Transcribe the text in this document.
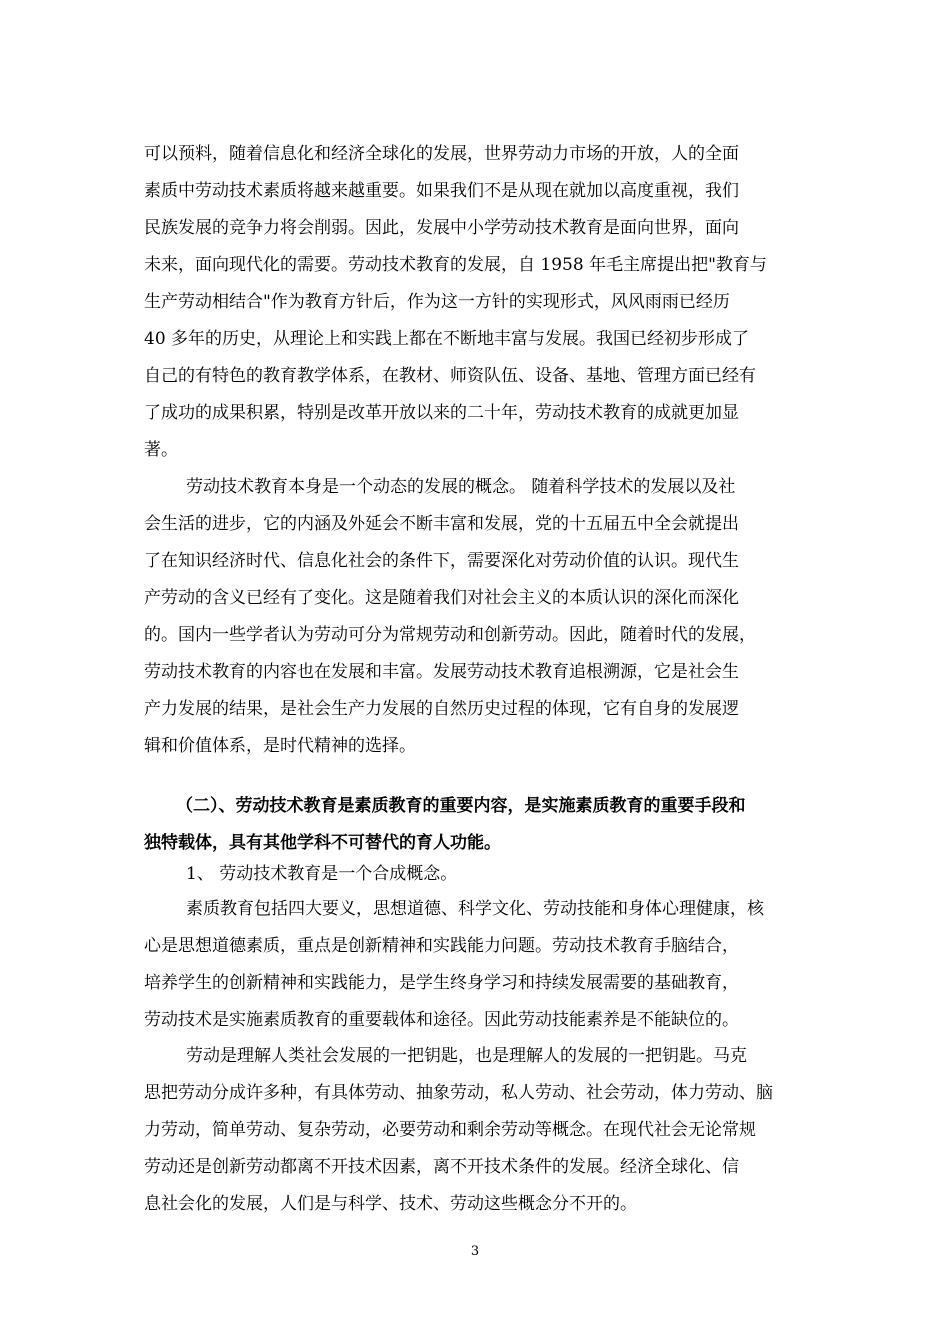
可以预料，随着信息化和经济全球化的发展，世界劳动力市场的开放，人的全面
素质中劳动技术素质将越来越重要。如果我们不是从现在就加以高度重视，我们
民族发展的竞争力将会削弱。因此，发展中小学劳动技术教育是面向世界，面向
未来，面向现代化的需要。劳动技术教育的发展，自 1958 年毛主席提出把"教育与
生产劳动相结合"作为教育方针后，作为这一方针的实现形式，风风雨雨已经历
40 多年的历史，从理论上和实践上都在不断地丰富与发展。我国已经初步形成了
自己的有特色的教育教学体系，在教材、师资队伍、设备、基地、管理方面已经有
了成功的成果积累，特别是改革开放以来的二十年，劳动技术教育的成就更加显
著。
劳动技术教育本身是一个动态的发展的概念。 随着科学技术的发展以及社
会生活的进步，它的内涵及外延会不断丰富和发展，党的十五届五中全会就提出
了在知识经济时代、信息化社会的条件下，需要深化对劳动价值的认识。现代生
产劳动的含义已经有了变化。这是随着我们对社会主义的本质认识的深化而深化
的。国内一些学者认为劳动可分为常规劳动和创新劳动。因此，随着时代的发展，
劳动技术教育的内容也在发展和丰富。发展劳动技术教育追根溯源，它是社会生
产力发展的结果，是社会生产力发展的自然历史过程的体现，它有自身的发展逻
辑和价值体系，是时代精神的选择。
（二）、劳动技术教育是素质教育的重要内容，是实施素质教育的重要手段和
独特载体，具有其他学科不可替代的育人功能。
1、 劳动技术教育是一个合成概念。
素质教育包括四大要义，思想道德、科学文化、劳动技能和身体心理健康，核
心是思想道德素质，重点是创新精神和实践能力问题。劳动技术教育手脑结合，
培养学生的创新精神和实践能力，是学生终身学习和持续发展需要的基础教育，
劳动技术是实施素质教育的重要载体和途径。因此劳动技能素养是不能缺位的。
劳动是理解人类社会发展的一把钥匙，也是理解人的发展的一把钥匙。马克
思把劳动分成许多种，有具体劳动、抽象劳动，私人劳动、社会劳动，体力劳动、脑
力劳动，简单劳动、复杂劳动，必要劳动和剩余劳动等概念。在现代社会无论常规
劳动还是创新劳动都离不开技术因素，离不开技术条件的发展。经济全球化、信
息社会化的发展，人们是与科学、技术、劳动这些概念分不开的。
3
